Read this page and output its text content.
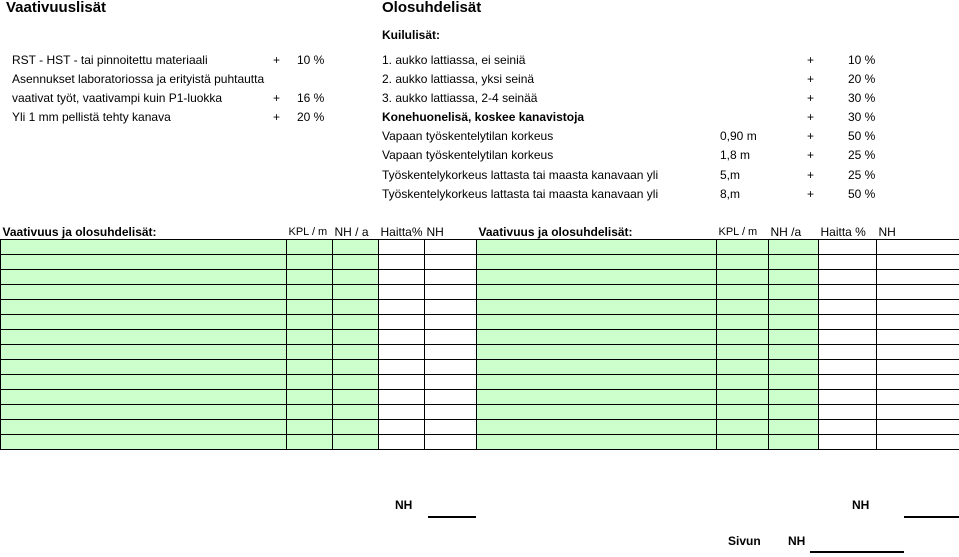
Vaativuuslisät
RST - HST - tai pinnoitettu materiaali	+ 10 %
Asennukset laboratoriossa ja erityistä puhtautta
vaativat työt, vaativampi kuin P1-luokka	+ 16 %
Yli 1 mm pellistä tehty kanava	+ 20 %
Olosuhdelisät
Kuilulisät:
1. aukko lattiassa, ei seiniä	+	10 %
2. aukko lattiassa, yksi seinä	+	20 %
3. aukko lattiassa, 2-4 seinää	+	30 %
Konehuonelisä, koskee kanavistoja	+	30 %
Vapaan työskentelytilan korkeus	0,90 m	+	50 %
Vapaan työskentelytilan korkeus	1,8 m	+	25 %
Työskentelykorkeus lattasta tai maasta kanavaan yli	5,m	+	25 %
Työskentelykorkeus lattasta tai maasta kanavaan yli	8,m	+	50 %
Vaativuus ja olosuhdelisät:	KPL / m	NH / a	Haitta%	NH	Vaativuus ja olosuhdelisät:	KPL / m	NH /a	Haitta %	NH

NH	NH
Sivun NH
